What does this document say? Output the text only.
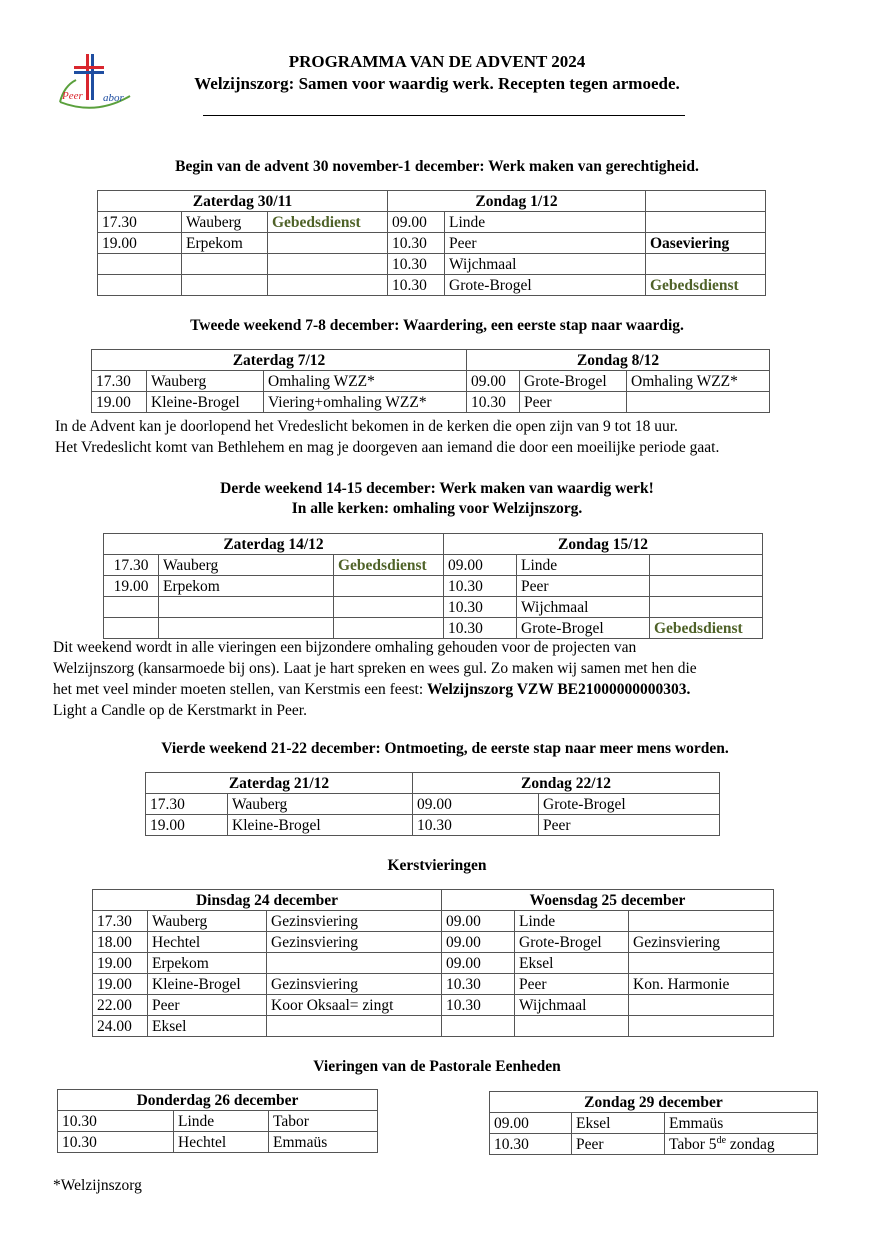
Peer abor
PROGRAMMA VAN DE ADVENT 2024
Welzijnszorg: Samen voor waardig werk. Recepten tegen armoede.
Begin van de advent 30 november-1 december: Werk maken van gerechtigheid.
Zaterdag 30/11			Zondag 1/12		
17.30	Wauberg	Gebedsdienst	09.00	Linde	
19.00	Erpekom		10.30	Peer	Oaseviering
			10.30	Wijchmaal	
			10.30	Grote-Brogel	Gebedsdienst
Tweede weekend 7-8 december: Waardering, een eerste stap naar waardig.
Zaterdag 7/12			Zondag 8/12		
17.30	Wauberg	Omhaling WZZ*	09.00	Grote-Brogel	Omhaling WZZ*
19.00	Kleine-Brogel	Viering+omhaling WZZ*	10.30	Peer	

In de Advent kan je doorlopend het Vredeslicht bekomen in de kerken die open zijn van 9 tot 18 uur.

Het Vredeslicht komt van Bethlehem en mag je doorgeven aan iemand die door een moeilijke periode gaat.

Derde weekend 14-15 december: Werk maken van waardig werk!
In alle kerken: omhaling voor Welzijnszorg.
Zaterdag 14/12			Zondag 15/12		
17.30	Wauberg	Gebedsdienst	09.00	Linde	
19.00	Erpekom		10.30	Peer	
			10.30	Wijchmaal	
			10.30	Grote-Brogel	Gebedsdienst

Dit weekend wordt in alle vieringen een bijzondere omhaling gehouden voor de projecten van

Welzijnszorg (kansarmoede bij ons). Laat je hart spreken en wees gul. Zo maken wij samen met hen die

het met veel minder moeten stellen, van Kerstmis een feest: Welzijnszorg VZW BE21000000000303.

Light a Candle op de Kerstmarkt in Peer.

Vierde weekend 21-22 december: Ontmoeting, de eerste stap naar meer mens worden.
Zaterdag 21/12		Zondag 22/12	
17.30	Wauberg	09.00	Grote-Brogel
19.00	Kleine-Brogel	10.30	Peer
Kerstvieringen
Dinsdag 24 december			Woensdag 25 december		
17.30	Wauberg	Gezinsviering	09.00	Linde	
18.00	Hechtel	Gezinsviering	09.00	Grote-Brogel	Gezinsviering
19.00	Erpekom		09.00	Eksel	
19.00	Kleine-Brogel	Gezinsviering	10.30	Peer	Kon. Harmonie
22.00	Peer	Koor Oksaal= zingt	10.30	Wijchmaal	
24.00	Eksel				
Vieringen van de Pastorale Eenheden
Donderdag 26 december		
10.30	Linde	Tabor
10.30	Hechtel	Emmaüs
Zondag 29 december		
09.00	Eksel	Emmaüs
10.30	Peer	Tabor 5de zondag
*Welzijnszorg
